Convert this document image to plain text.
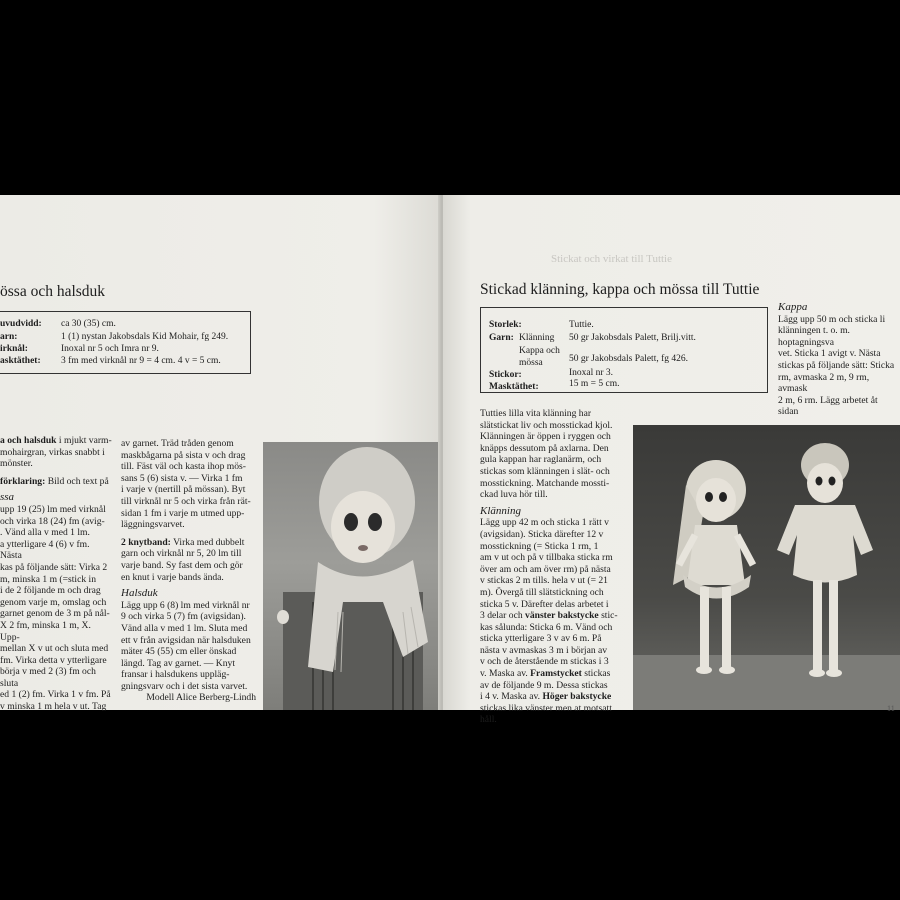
össa och halsduk
uvudvidd: ca 30 (35) cm.
arn:	1 (1) nystan Jakobsdals Kid Mohair, fg 249.
irknål:	Inoxal nr 5 och Imra nr 9.
asktäthet: 3 fm med virknål nr 9 = 4 cm. 4 v = 5 cm.

a och halsduk i mjukt varm-

mohairgran, virkas snabbt i

mönster.

förklaring: Bild och text på

ssa

upp 19 (25) lm med virknål

och virka 18 (24) fm (avig-

. Vänd alla v med 1 lm.

a ytterligare 4 (6) v fm. Nästa

kas på följande sätt: Virka 2

m, minska 1 m (=stick in

i de 2 följande m och drag

genom varje m, omslag och

garnet genom de 3 m på nål-

X 2 fm, minska 1 m, X. Upp-

mellan X v ut och sluta med

fm. Virka detta v ytterligare

börja v med 2 (3) fm och sluta

ed 1 (2) fm. Virka 1 v fm. På

v minska 1 m hela v ut. Tag

av garnet. Träd tråden genom

maskbågarna på sista v och drag

till. Fäst väl och kasta ihop mös-

sans 5 (6) sista v. — Virka 1 fm

i varje v (nertill på mössan). Byt

till virknål nr 5 och virka från rät-

sidan 1 fm i varje m utmed upp-

läggningsvarvet.

2 knytband: Virka med dubbelt

garn och virknål nr 5, 20 lm till

varje band. Sy fast dem och gör

en knut i varje bands ända.

Halsduk

Lägg upp 6 (8) lm med virknål nr

9 och virka 5 (7) fm (avigsidan).

Vänd alla v med 1 lm. Sluta med

ett v från avigsidan när halsduken

mäter 45 (55) cm eller önskad

längd. Tag av garnet. — Knyt

fransar i halsdukens uppläg-

gningsvarv och i det sista varvet.

Modell Alice Berberg-Lindh

Stickat och virkat till Tuttie
Stickad klänning, kappa och mössa till Tuttie
Storlek:	Tuttie.
Garn: Klänning 50 gr Jakobsdals Palett, Brilj.vitt.
Kappa och
mössa	50 gr Jakobsdals Palett, fg 426.
Stickor:	Inoxal nr 3.
Masktäthet:	15 m = 5 cm.

Kappa

Lägg upp 50 m och sticka li

klänningen t. o. m. hoptagningsva

vet. Sticka 1 avigt v. Nästa

stickas på följande sätt: Sticka

rm, avmaska 2 m, 9 rm, avmask

2 m, 6 rm. Lägg arbetet åt sidan

Tutties lilla vita klänning har

slätstickat liv och mosstickad kjol.

Klänningen är öppen i ryggen och

knäpps dessutom på axlarna. Den

gula kappan har raglanärm, och

stickas som klänningen i slät- och

mosstickning. Matchande mossti-

ckad luva hör till.

Klänning

Lägg upp 42 m och sticka 1 rätt v

(avigsidan). Sticka därefter 12 v

mosstickning (= Sticka 1 rm, 1

am v ut och på v tillbaka sticka rm

över am och am över rm) på nästa

v stickas 2 m tills. hela v ut (= 21

m). Övergå till slätstickning och

sticka 5 v. Därefter delas arbetet i

3 delar och vänster bakstycke stic-

kas sålunda: Sticka 6 m. Vänd och

sticka ytterligare 3 v av 6 m. På

nästa v avmaskas 3 m i början av

v och de återstående m stickas i 3

v. Maska av. Framstycket stickas

av de följande 9 m. Dessa stickas

i 4 v. Maska av. Höger bakstycke

stickas lika vänster men at motsatt

håll.

11
